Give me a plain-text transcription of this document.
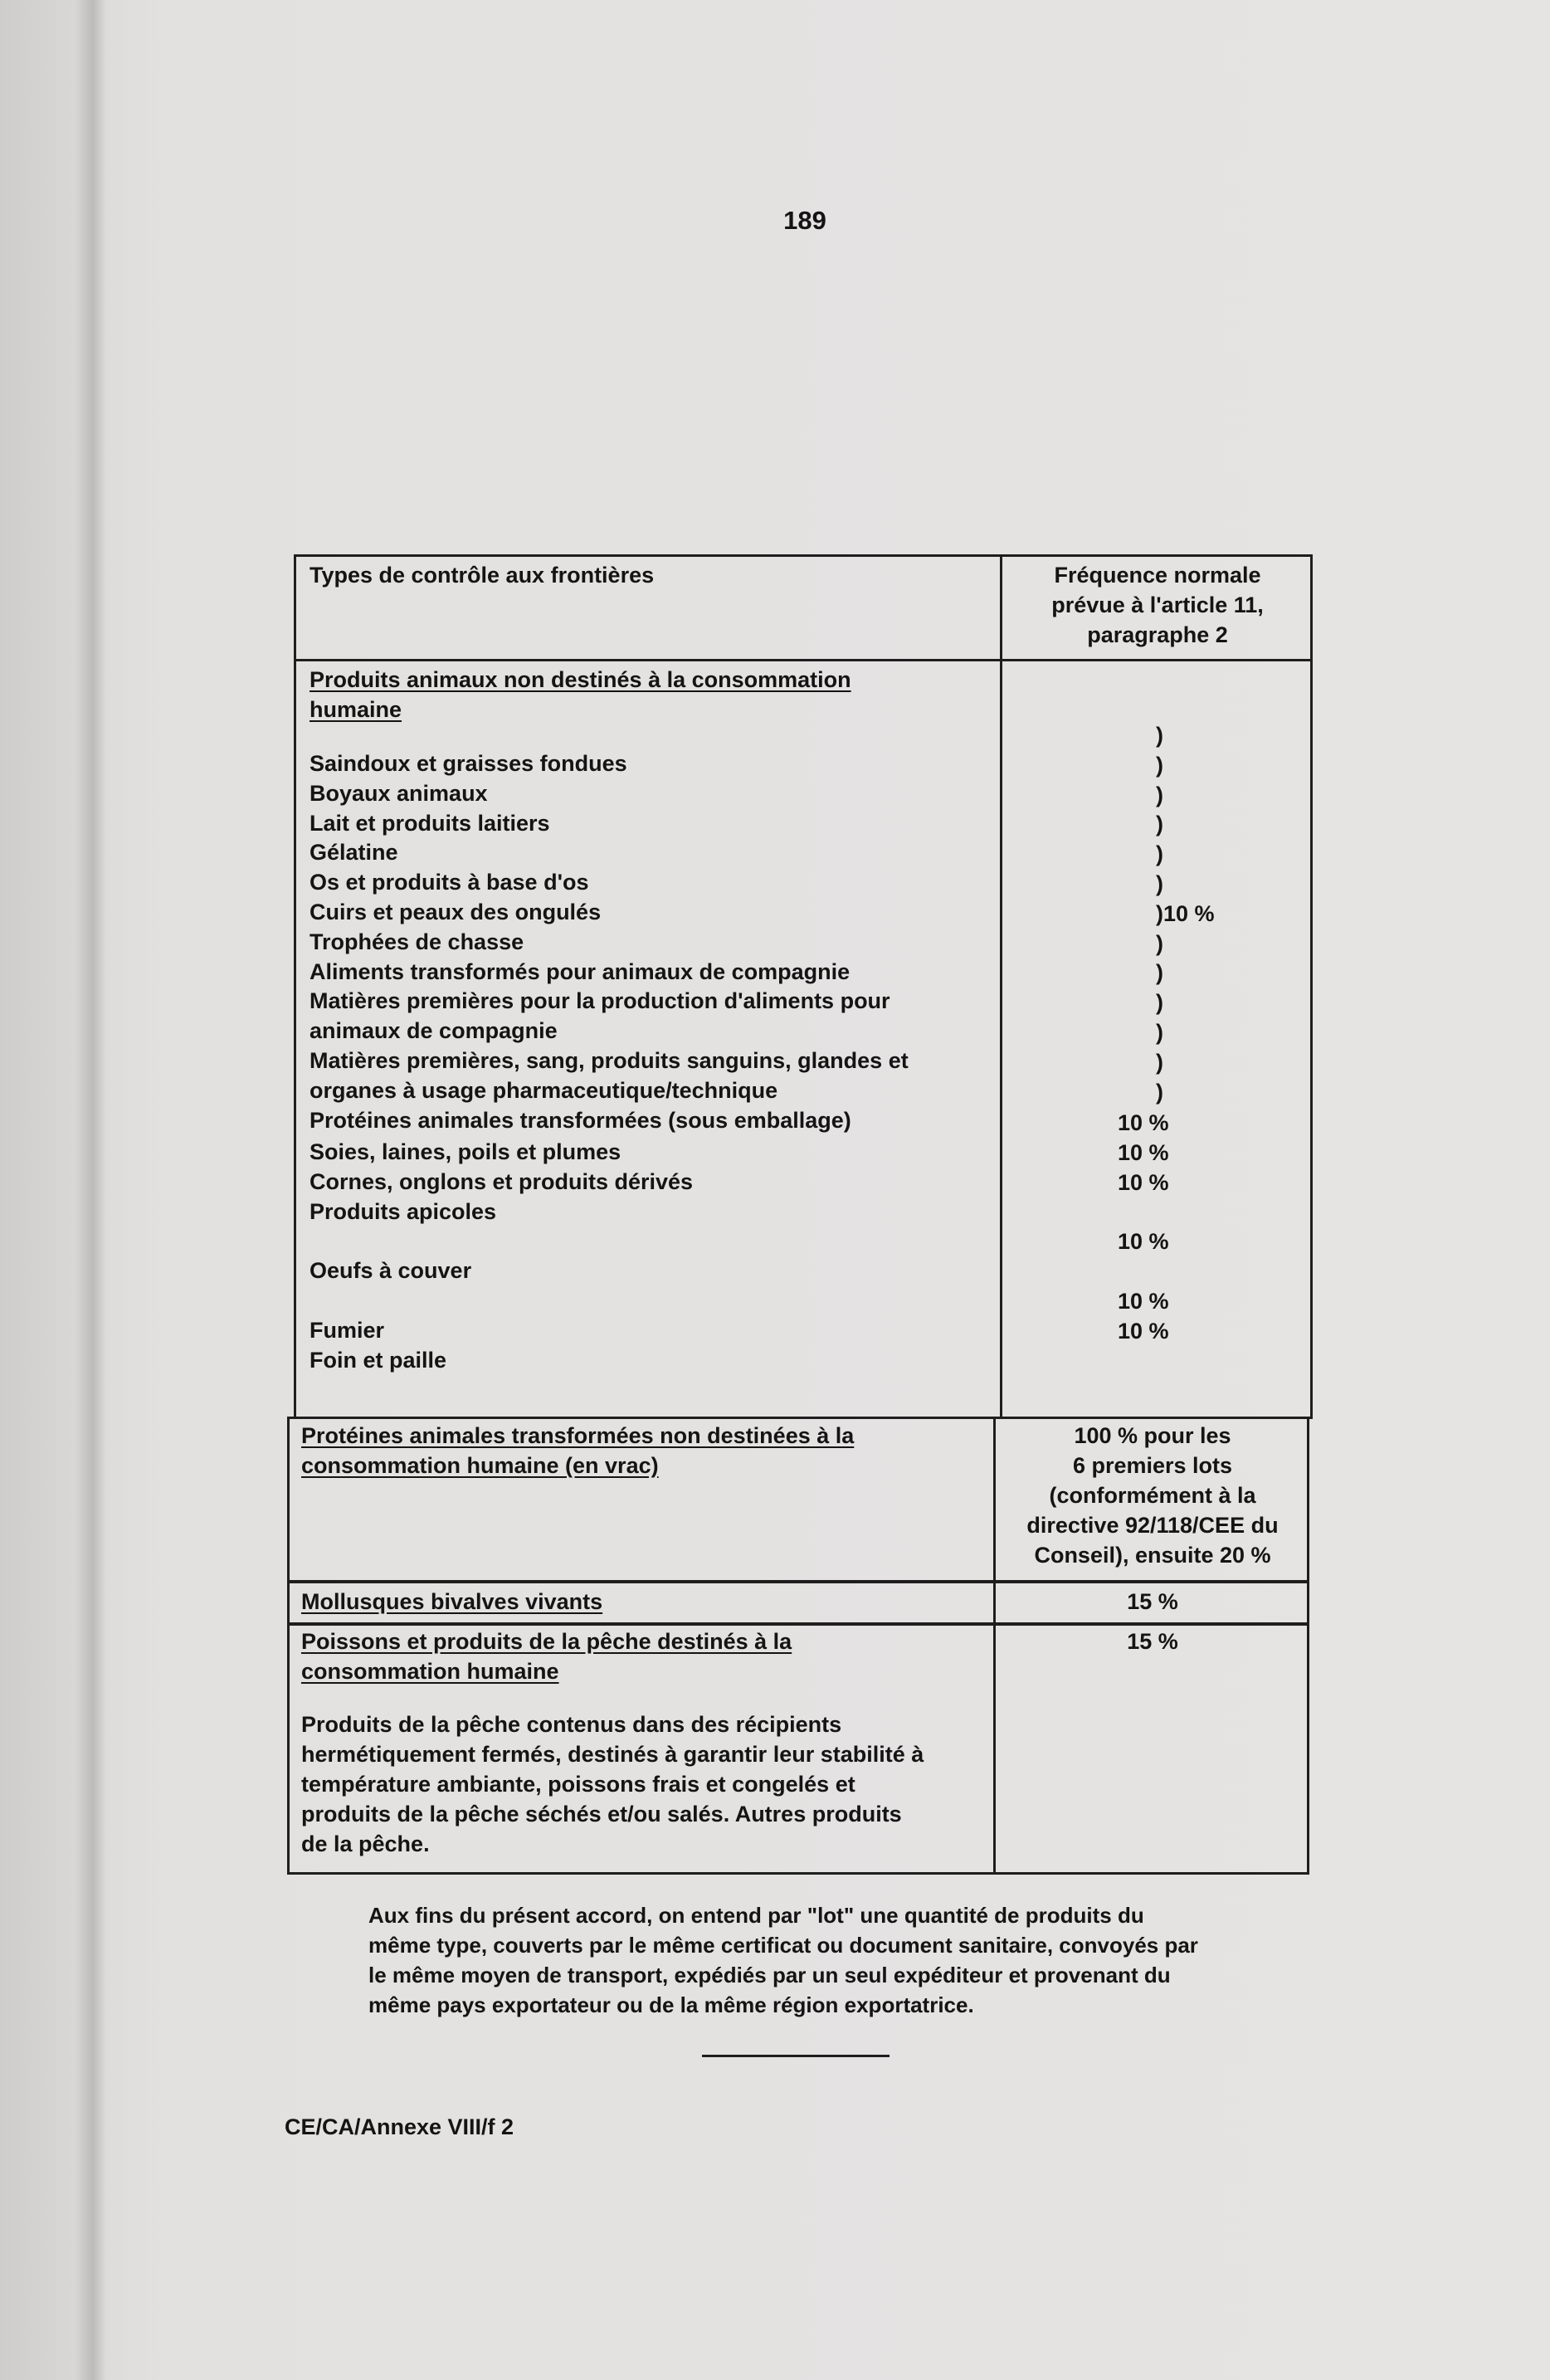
189
Types de contrôle aux frontières	Fréquence normale
prévue à l'article 11,
paragraphe 2
Produits animaux non destinés à la consommation
humaine
Saindoux et graisses fondues
Boyaux animaux
Lait et produits laitiers
Gélatine
Os et produits à base d'os
Cuirs et peaux des ongulés
Trophées de chasse
Aliments transformés pour animaux de compagnie
Matières premières pour la production d'aliments pour
animaux de compagnie
Matières premières, sang, produits sanguins, glandes et
organes à usage pharmaceutique/technique
Protéines animales transformées (sous emballage)
)
)
)
)
)
)
)10 %
)
)
)
)
)
)
Soies, laines, poils et plumes
Cornes, onglons et produits dérivés
Produits apicoles
Oeufs à couver
Fumier
Foin et paille
10 %
10 %
10 %
10 %
10 %
10 %
Protéines animales transformées non destinées à la
consommation humaine (en vrac)
100 % pour les
6 premiers lots
(conformément à la
directive 92/118/CEE du
Conseil), ensuite 20 %
Mollusques bivalves vivants	15 %
Poissons et produits de la pêche destinés à la
consommation humaine
15 %
Produits de la pêche contenus dans des récipients
hermétiquement fermés, destinés à garantir leur stabilité à
température ambiante, poissons frais et congelés et
produits de la pêche séchés et/ou salés. Autres produits
de la pêche.
Aux fins du présent accord, on entend par "lot" une quantité de produits du
même type, couverts par le même certificat ou document sanitaire, convoyés par
le même moyen de transport, expédiés par un seul expéditeur et provenant du
même pays exportateur ou de la même région exportatrice.
CE/CA/Annexe VIII/f 2
